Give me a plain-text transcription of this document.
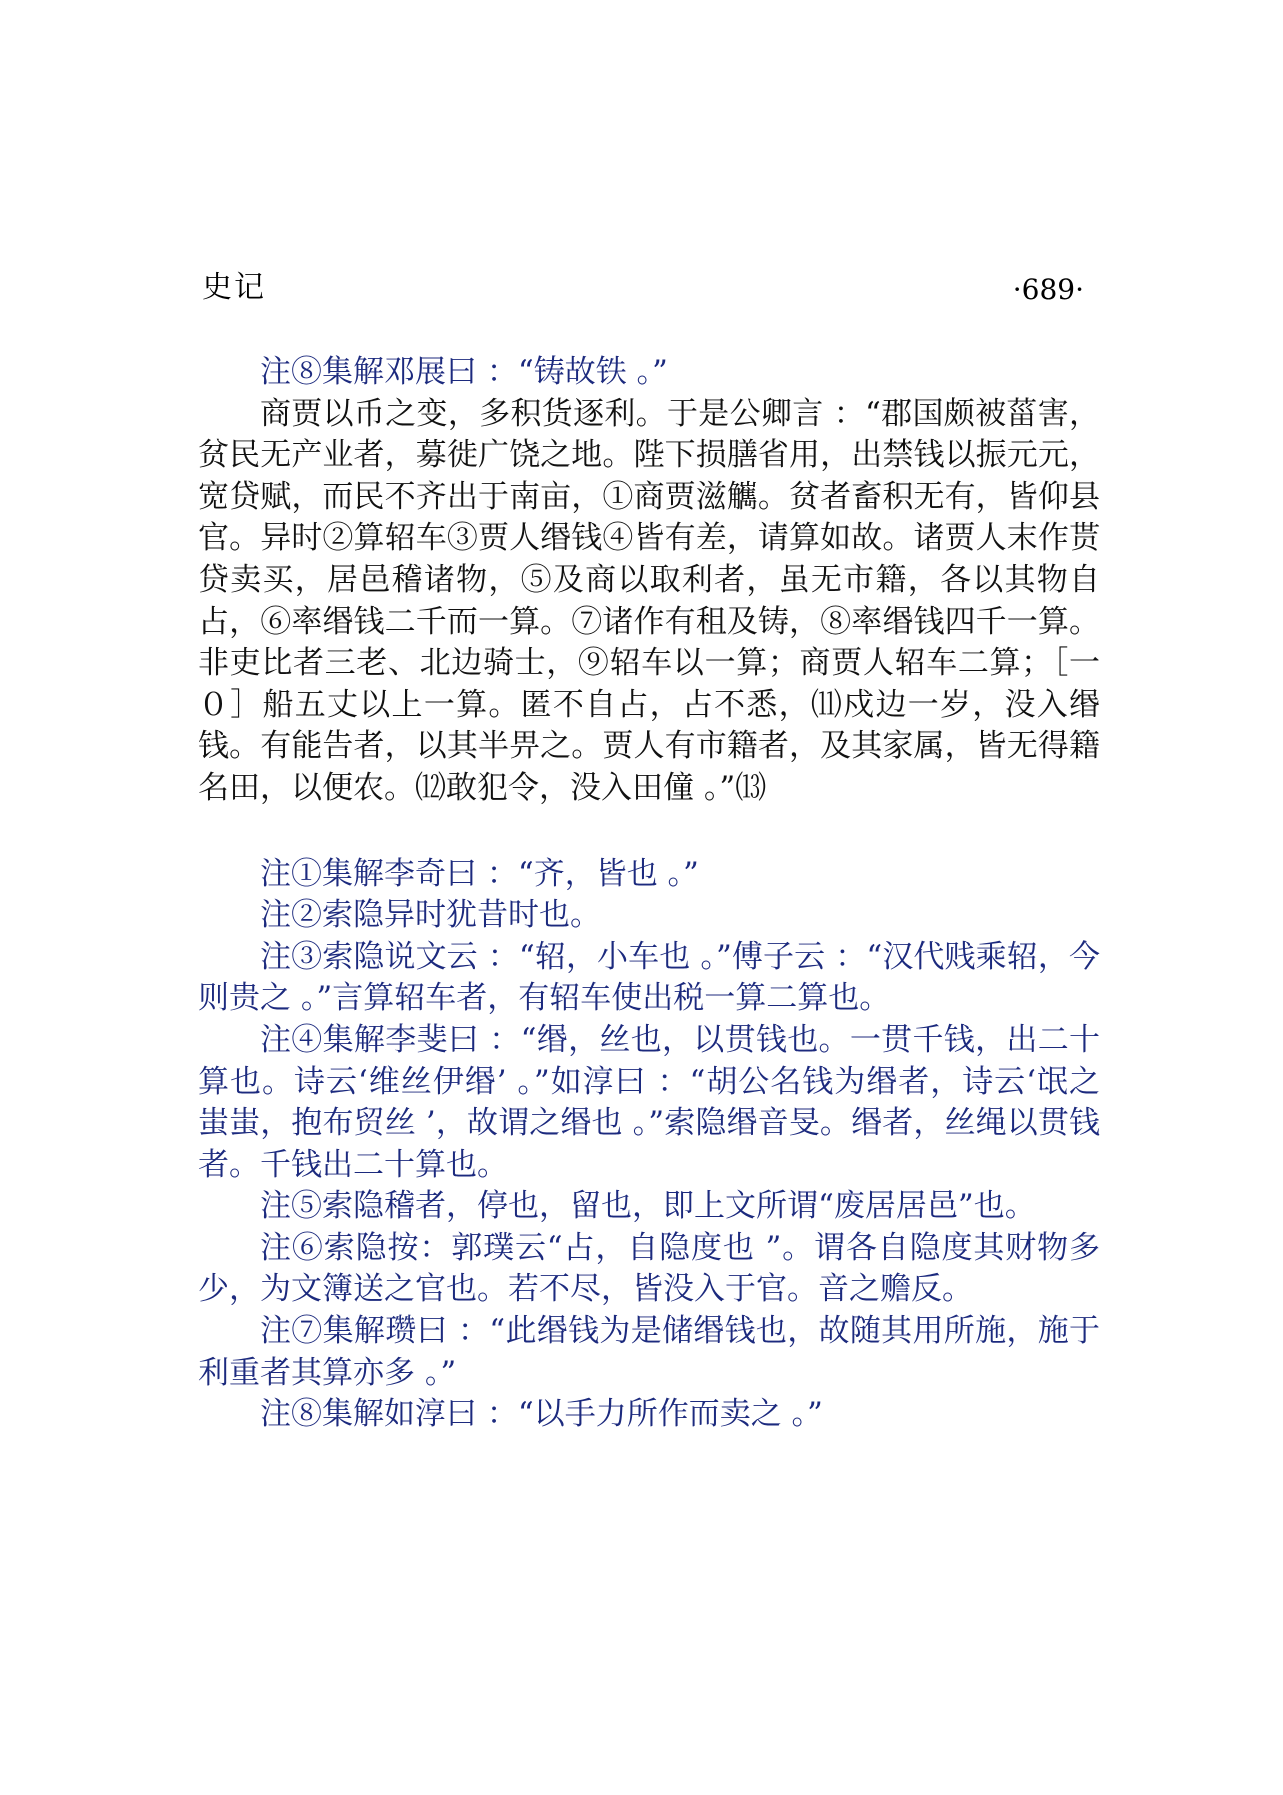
史记	·689·

注⑧集解邓展曰 ：“铸故铁 。”

商贾以币之变，多积货逐利。于是公卿言 ：“郡国颇被菑害，贫民无产业者，募徙广饶之地。陛下损膳省用，出禁钱以振元元，宽贷赋，而民不齐出于南亩，①商贾滋觽。贫者畜积无有，皆仰县官。异时②算轺车③贾人缗钱④皆有差，请算如故。诸贾人末作贳贷卖买，居邑稽诸物，⑤及商以取利者，虽无市籍，各以其物自占，⑥率缗钱二千而一算。⑦诸作有租及铸，⑧率缗钱四千一算。非吏比者三老、北边骑士，⑨轺车以一算；商贾人轺车二算；［一０］船五丈以上一算。匿不自占，占不悉，⑾戍边一岁，没入缗钱。有能告者，以其半畀之。贾人有市籍者，及其家属，皆无得籍名田，以便农。⑿敢犯令，没入田僮 。”⒀

注①集解李奇曰 ：“齐，皆也 。”

注②索隐异时犹昔时也。

注③索隐说文云 ：“轺，小车也 。”傅子云 ：“汉代贱乘轺，今则贵之 。”言算轺车者，有轺车使出税一算二算也。

注④集解李斐曰 ：“缗，丝也，以贯钱也。一贯千钱，出二十算也。诗云‘维丝伊缗’ 。”如淳曰 ：“胡公名钱为缗者，诗云‘氓之蚩蚩，抱布贸丝 ’，故谓之缗也 。”索隐缗音旻。缗者，丝绳以贯钱者。千钱出二十算也。

注⑤索隐稽者，停也，留也，即上文所谓“废居居邑”也。

注⑥索隐按：郭璞云“占，自隐度也 ”。谓各自隐度其财物多少，为文簿送之官也。若不尽，皆没入于官。音之赡反。

注⑦集解瓒曰 ：“此缗钱为是储缗钱也，故随其用所施，施于利重者其算亦多 。”

注⑧集解如淳曰 ：“以手力所作而卖之 。”
